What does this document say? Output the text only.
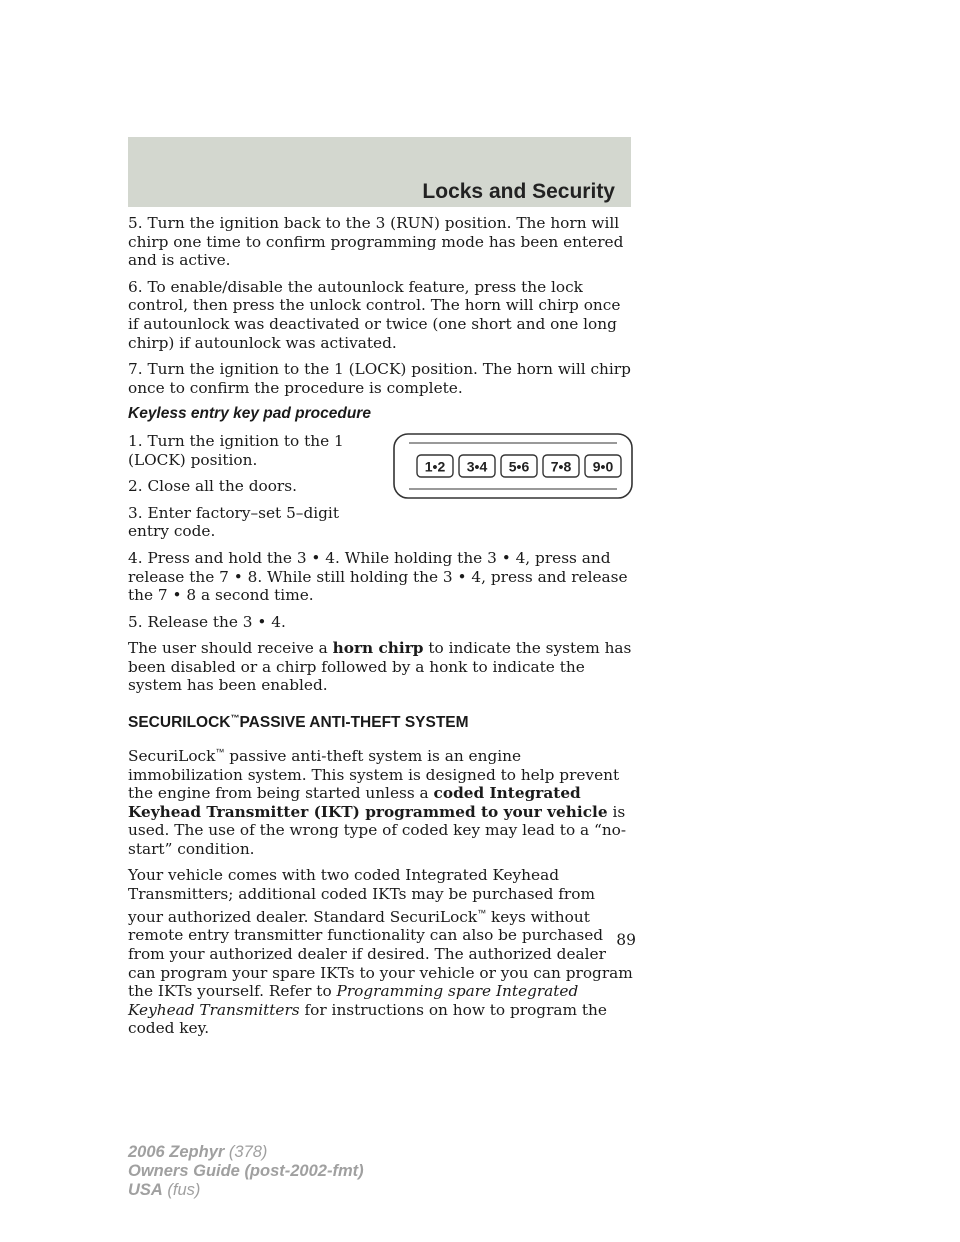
Locks and Security

5. Turn the ignition back to the 3 (RUN) position. The horn will chirp one time to confirm programming mode has been entered and is active.

6. To enable/disable the autounlock feature, press the lock control, then press the unlock control. The horn will chirp once if autounlock was deactivated or twice (one short and one long chirp) if autounlock was activated.

7. Turn the ignition to the 1 (LOCK) position. The horn will chirp once to confirm the procedure is complete.

Keyless entry key pad procedure
1•2 3•4 5•6 7•8 9•0

1. Turn the ignition to the 1 (LOCK) position.

2. Close all the doors.

3. Enter factory–set 5–digit entry code.

4. Press and hold the 3 • 4. While holding the 3 • 4, press and release the 7 • 8. While still holding the 3 • 4, press and release the 7 • 8 a second time.

5. Release the 3 • 4.

The user should receive a horn chirp to indicate the system has been disabled or a chirp followed by a honk to indicate the system has been enabled.

SECURILOCK™PASSIVE ANTI-THEFT SYSTEM

SecuriLock™ passive anti-theft system is an engine immobilization system. This system is designed to help prevent the engine from being started unless a coded Integrated Keyhead Transmitter (IKT) programmed to your vehicle is used. The use of the wrong type of coded key may lead to a “no-start” condition.

Your vehicle comes with two coded Integrated Keyhead Transmitters; additional coded IKTs may be purchased from your authorized dealer. Standard SecuriLock™ keys without remote entry transmitter functionality can also be purchased from your authorized dealer if desired. The authorized dealer can program your spare IKTs to your vehicle or you can program the IKTs yourself. Refer to Programming spare Integrated Keyhead Transmitters for instructions on how to program the coded key.

89
2006 Zephyr (378)
Owners Guide (post-2002-fmt)
USA (fus)
